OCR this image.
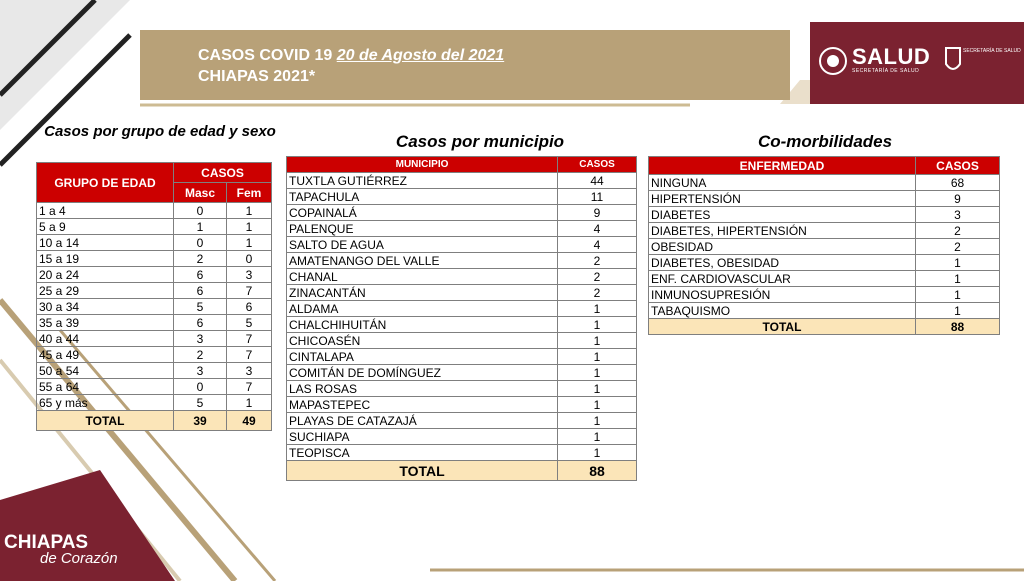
CASOS COVID 19 20 de Agosto del 2021
CHIAPAS 2021*
SALUD
SECRETARÍA DE SALUD
SECRETARÍA DE SALUD
Casos por grupo de edad y sexo
GRUPO DE EDAD	CASOS	
	Masc	Fem
1 a 4	0	1
5 a 9	1	1
10 a 14	0	1
15 a 19	2	0
20 a 24	6	3
25 a 29	6	7
30 a 34	5	6
35 a 39	6	5
40 a 44	3	7
45 a 49	2	7
50 a 54	3	3
55 a 64	0	7
65 y más	5	1
TOTAL	39	49
Casos por municipio
MUNICIPIO	CASOS
TUXTLA GUTIÉRREZ	44
TAPACHULA	11
COPAINALÁ	9
PALENQUE	4
SALTO DE AGUA	4
AMATENANGO DEL VALLE	2
CHANAL	2
ZINACANTÁN	2
ALDAMA	1
CHALCHIHUITÁN	1
CHICOASÉN	1
CINTALAPA	1
COMITÁN DE DOMÍNGUEZ	1
LAS ROSAS	1
MAPASTEPEC	1
PLAYAS DE CATAZAJÁ	1
SUCHIAPA	1
TEOPISCA	1
TOTAL	88
Co-morbilidades
ENFERMEDAD	CASOS
NINGUNA	68
HIPERTENSIÓN	9
DIABETES	3
DIABETES, HIPERTENSIÓN	2
OBESIDAD	2
DIABETES, OBESIDAD	1
ENF. CARDIOVASCULAR	1
INMUNOSUPRESIÓN	1
TABAQUISMO	1
TOTAL	88
CHIAPAS
de Corazón
